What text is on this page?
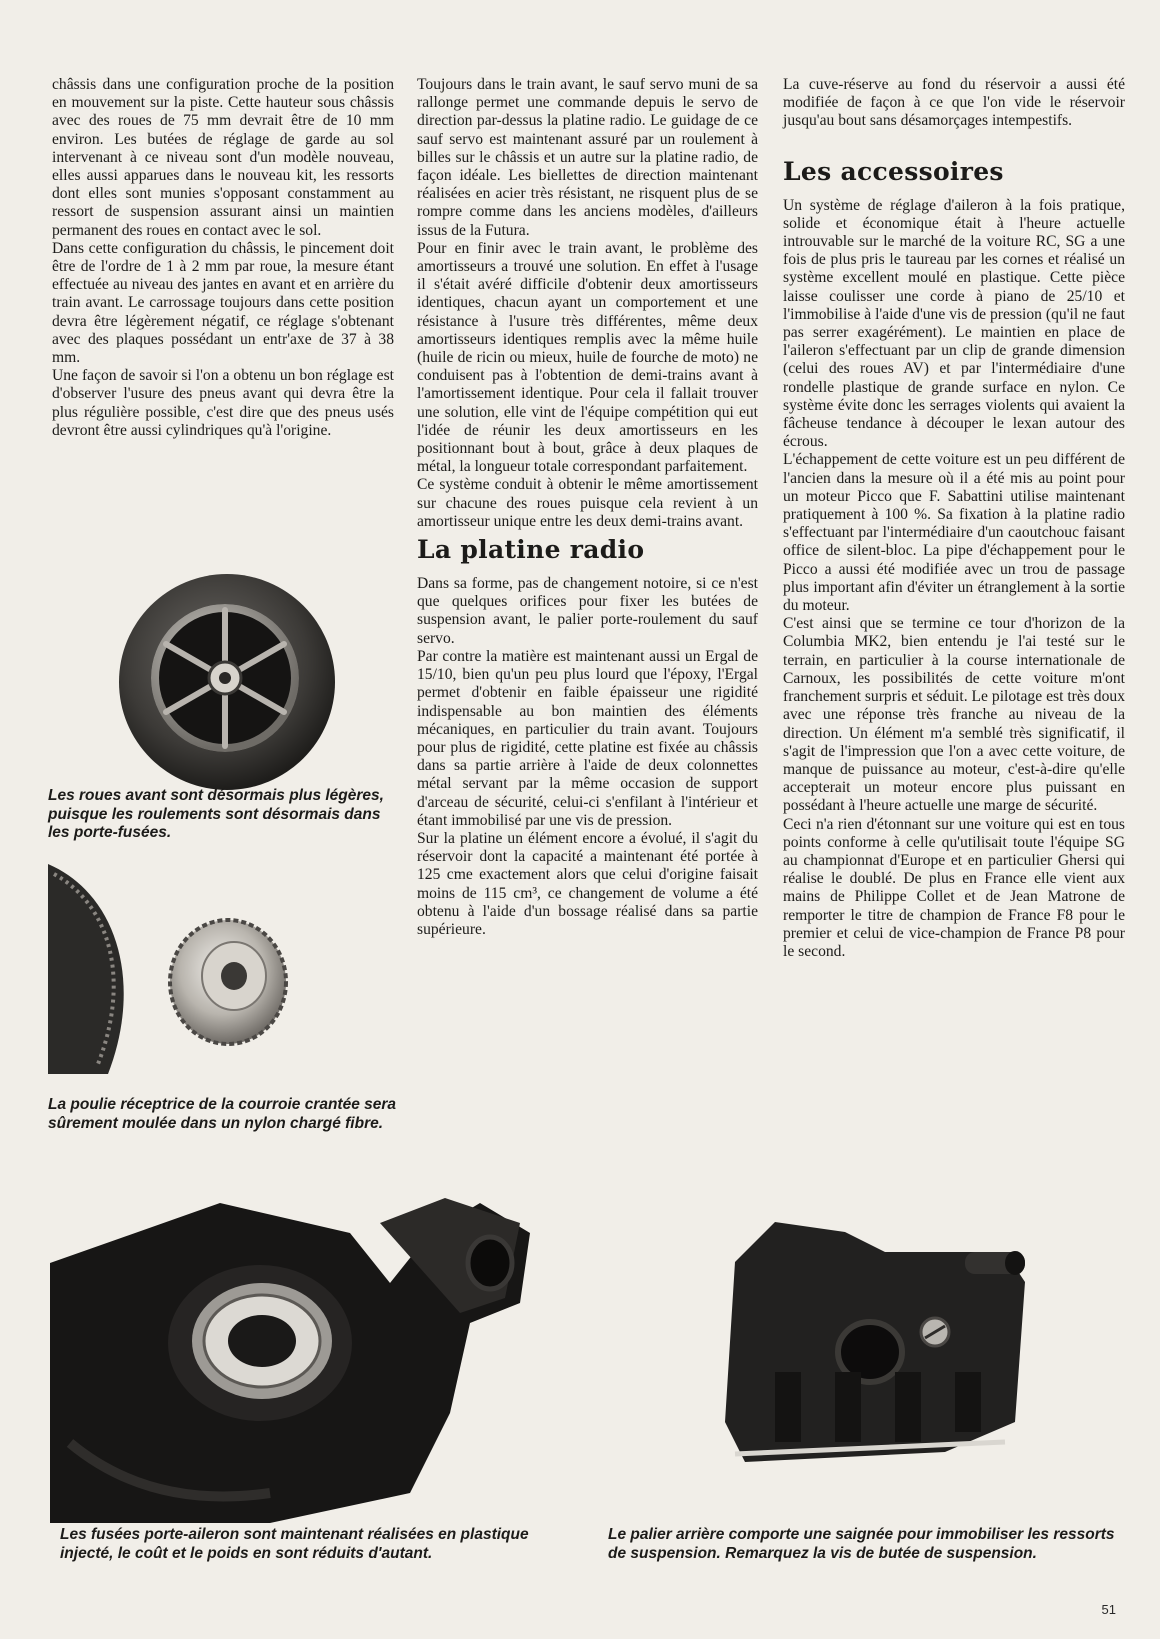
châssis dans une configuration proche de la position en mouvement sur la piste. Cette hauteur sous châssis avec des roues de 75 mm devrait être de 10 mm environ. Les butées de réglage de garde au sol intervenant à ce niveau sont d'un modèle nouveau, elles aussi apparues dans le nouveau kit, les ressorts dont elles sont munies s'opposant constamment au ressort de suspension assurant ainsi un maintien permanent des roues en contact avec le sol.

Dans cette configuration du châssis, le pincement doit être de l'ordre de 1 à 2 mm par roue, la mesure étant effectuée au niveau des jantes en avant et en arrière du train avant. Le carrossage toujours dans cette position devra être légèrement négatif, ce réglage s'obtenant avec des plaques possédant un entr'axe de 37 à 38 mm.

Une façon de savoir si l'on a obtenu un bon réglage est d'observer l'usure des pneus avant qui devra être la plus régulière possible, c'est dire que des pneus usés devront être aussi cylindriques qu'à l'origine.

Toujours dans le train avant, le sauf servo muni de sa rallonge permet une commande depuis le servo de direction par-dessus la platine radio. Le guidage de ce sauf servo est maintenant assuré par un roulement à billes sur le châssis et un autre sur la platine radio, de façon idéale. Les biellettes de direction maintenant réalisées en acier très résistant, ne risquent plus de se rompre comme dans les anciens modèles, d'ailleurs issus de la Futura.

Pour en finir avec le train avant, le problème des amortisseurs a trouvé une solution. En effet à l'usage il s'était avéré difficile d'obtenir deux amortisseurs identiques, chacun ayant un comportement et une résistance à l'usure très différentes, même deux amortisseurs identiques remplis avec la même huile (huile de ricin ou mieux, huile de fourche de moto) ne conduisent pas à l'obtention de demi-trains avant à l'amortissement identique. Pour cela il fallait trouver une solution, elle vint de l'équipe compétition qui eut l'idée de réunir les deux amortisseurs en les positionnant bout à bout, grâce à deux plaques de métal, la longueur totale correspondant parfaitement.

Ce système conduit à obtenir le même amortissement sur chacune des roues puisque cela revient à un amortisseur unique entre les deux demi-trains avant.

La platine radio

Dans sa forme, pas de changement notoire, si ce n'est que quelques orifices pour fixer les butées de suspension avant, le palier porte-roulement du sauf servo.

Par contre la matière est maintenant aussi un Ergal de 15/10, bien qu'un peu plus lourd que l'époxy, l'Ergal permet d'obtenir en faible épaisseur une rigidité indispensable au bon maintien des éléments mécaniques, en particulier du train avant. Toujours pour plus de rigidité, cette platine est fixée au châssis dans sa partie arrière à l'aide de deux colonnettes métal servant par la même occasion de support d'arceau de sécurité, celui-ci s'enfilant à l'intérieur et étant immobilisé par une vis de pression.

Sur la platine un élément encore a évolué, il s'agit du réservoir dont la capacité a maintenant été portée à 125 cme exactement alors que celui d'origine faisait moins de 115 cm³, ce changement de volume a été obtenu à l'aide d'un bossage réalisé dans sa partie supérieure.

La cuve-réserve au fond du réservoir a aussi été modifiée de façon à ce que l'on vide le réservoir jusqu'au bout sans désamorçages intempestifs.

Les accessoires

Un système de réglage d'aileron à la fois pratique, solide et économique était à l'heure actuelle introuvable sur le marché de la voiture RC, SG a une fois de plus pris le taureau par les cornes et réalisé un système excellent moulé en plastique. Cette pièce laisse coulisser une corde à piano de 25/10 et l'immobilise à l'aide d'une vis de pression (qu'il ne faut pas serrer exagérément). Le maintien en place de l'aileron s'effectuant par un clip de grande dimension (celui des roues AV) et par l'intermédiaire d'une rondelle plastique de grande surface en nylon. Ce système évite donc les serrages violents qui avaient la fâcheuse tendance à découper le lexan autour des écrous.

L'échappement de cette voiture est un peu différent de l'ancien dans la mesure où il a été mis au point pour un moteur Picco que F. Sabattini utilise maintenant pratiquement à 100 %. Sa fixation à la platine radio s'effectuant par l'intermédiaire d'un caoutchouc faisant office de silent-bloc. La pipe d'échappement pour le Picco a aussi été modifiée avec un trou de passage plus important afin d'éviter un étranglement à la sortie du moteur.

C'est ainsi que se termine ce tour d'horizon de la Columbia MK2, bien entendu je l'ai testé sur le terrain, en particulier à la course internationale de Carnoux, les possibilités de cette voiture m'ont franchement surpris et séduit. Le pilotage est très doux avec une réponse très franche au niveau de la direction. Un élément m'a semblé très significatif, il s'agit de l'impression que l'on a avec cette voiture, de manque de puissance au moteur, c'est-à-dire qu'elle accepterait un moteur encore plus puissant en possédant à l'heure actuelle une marge de sécurité.

Ceci n'a rien d'étonnant sur une voiture qui est en tous points conforme à celle qu'utilisait toute l'équipe SG au championnat d'Europe et en particulier Ghersi qui réalise le doublé. De plus en France elle vient aux mains de Philippe Collet et de Jean Matrone de remporter le titre de champion de France F8 pour le premier et celui de vice-champion de France P8 pour le second.

Les roues avant sont désormais plus légères, puisque les roulements sont désormais dans les porte-fusées.
La poulie réceptrice de la courroie crantée sera sûrement moulée dans un nylon chargé fibre.
Les fusées porte-aileron sont maintenant réalisées en plastique injecté, le coût et le poids en sont réduits d'autant.
Le palier arrière comporte une saignée pour immobiliser les ressorts de suspension. Remarquez la vis de butée de suspension.
51
